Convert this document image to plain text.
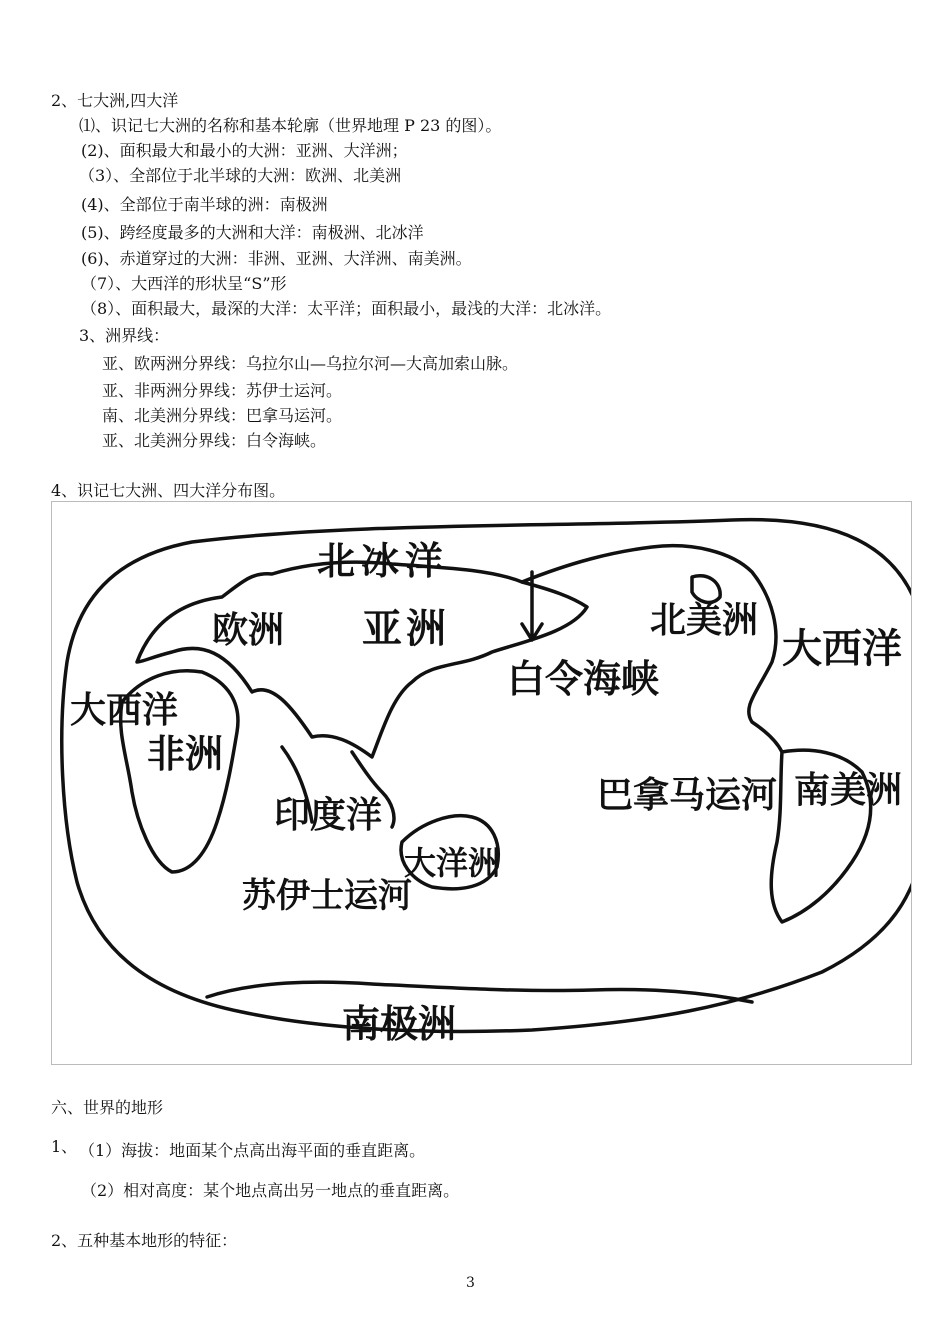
2、七大洲,四大洋
⑴、识记七大洲的名称和基本轮廓（世界地理 P 23 的图）。
(2)、面积最大和最小的大洲：亚洲、大洋洲；
（3）、全部位于北半球的大洲：欧洲、北美洲
(4)、全部位于南半球的洲：南极洲
(5)、跨经度最多的大洲和大洋：南极洲、北冰洋
(6)、赤道穿过的大洲：非洲、亚洲、大洋洲、南美洲。
（7）、大西洋的形状呈“S”形
（8）、面积最大，最深的大洋：太平洋；面积最小，最浅的大洋：北冰洋。
3、洲界线：
亚、欧两洲分界线：乌拉尔山—乌拉尔河—大高加索山脉。
亚、非两洲分界线：苏伊士运河。
南、北美洲分界线：巴拿马运河。
亚、北美洲分界线：白令海峡。
4、识记七大洲、四大洋分布图。
北冰洋
欧洲 亚洲
白令海峡
北美洲
大西洋
大西洋
非洲
印度洋
苏伊士运河
大洋洲
巴拿马运河 南美洲
南极洲
六、世界的地形
1、 （1）海拔：地面某个点高出海平面的垂直距离。
（2）相对高度：某个地点高出另一地点的垂直距离。
2、五种基本地形的特征：
3
